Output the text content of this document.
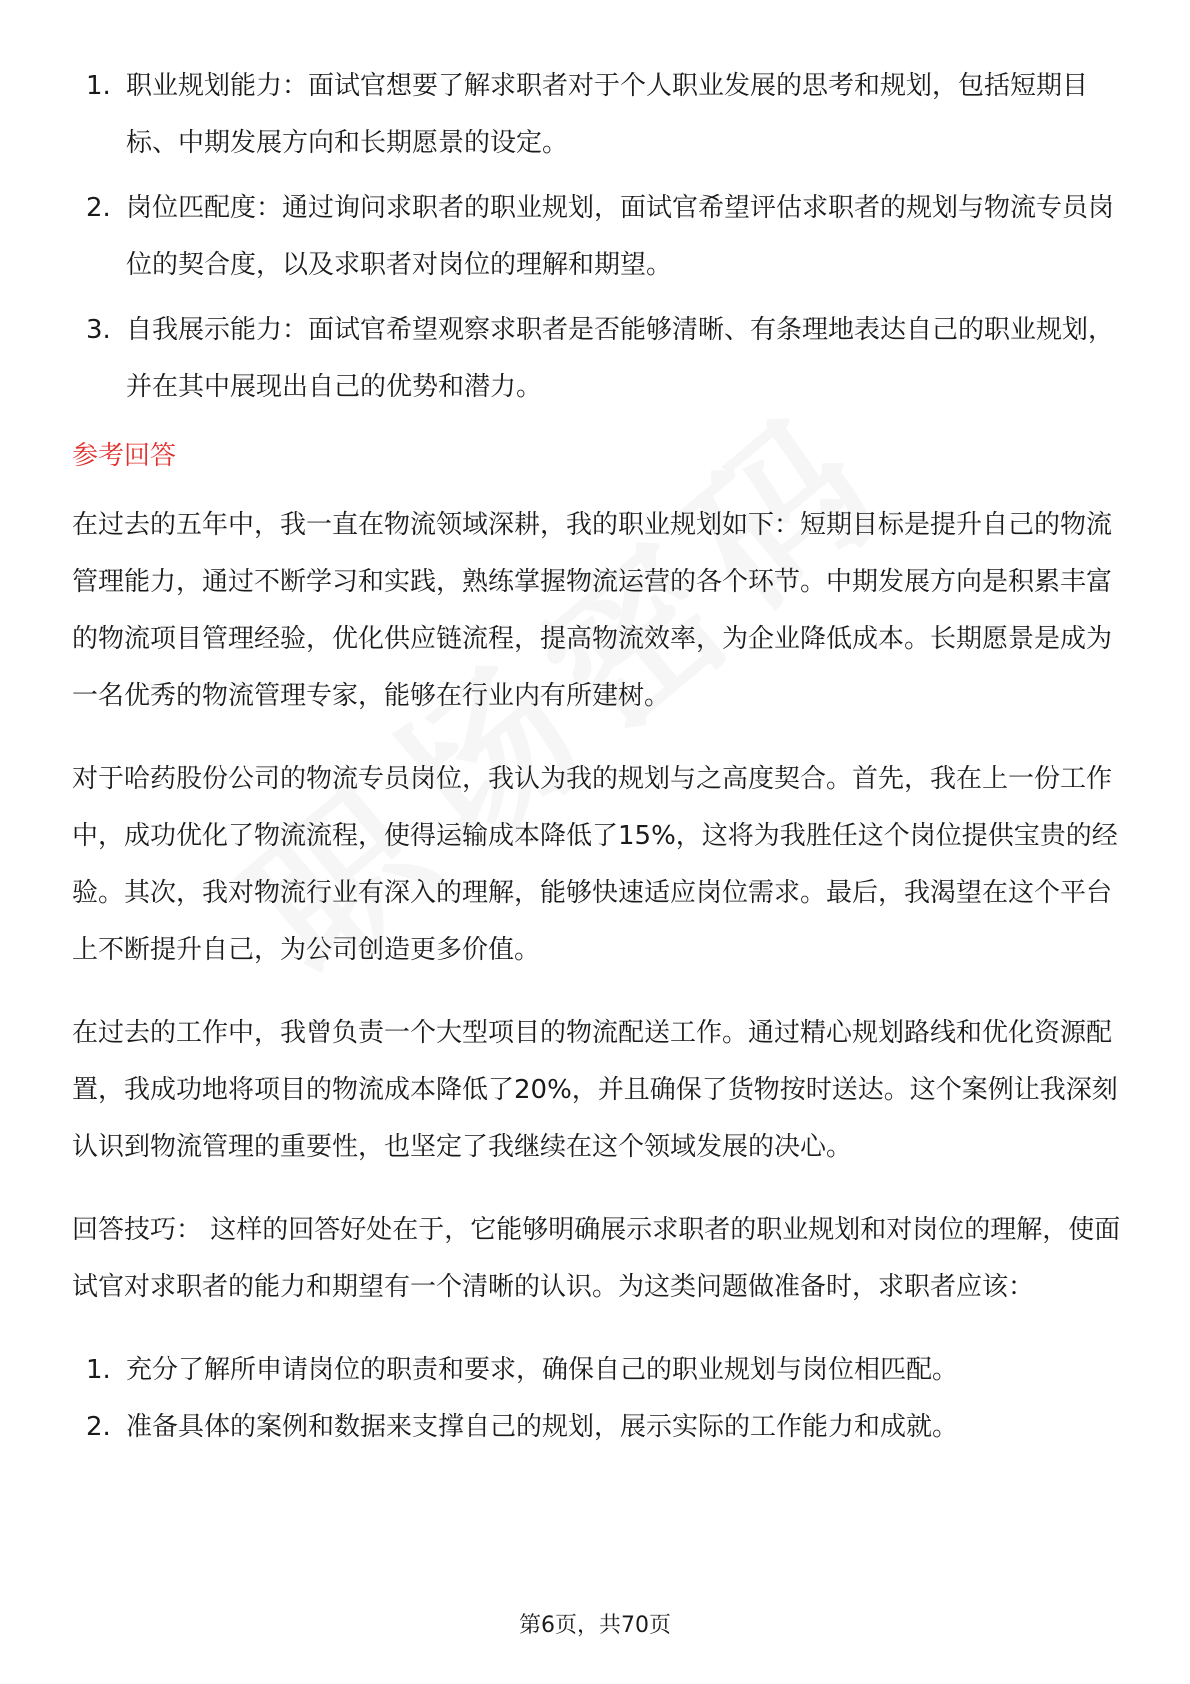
1. 职业规划能力：面试官想要了解求职者对于个人职业发展的思考和规划，包括短期目标、中期发展方向和长期愿景的设定。
2. 岗位匹配度：通过询问求职者的职业规划，面试官希望评估求职者的规划与物流专员岗位的契合度，以及求职者对岗位的理解和期望。
3. 自我展示能力：面试官希望观察求职者是否能够清晰、有条理地表达自己的职业规划，并在其中展现出自己的优势和潜力。
参考回答

在过去的五年中，我一直在物流领域深耕，我的职业规划如下：短期目标是提升自己的物流管理能力，通过不断学习和实践，熟练掌握物流运营的各个环节。中期发展方向是积累丰富的物流项目管理经验，优化供应链流程，提高物流效率，为企业降低成本。长期愿景是成为一名优秀的物流管理专家，能够在行业内有所建树。

对于哈药股份公司的物流专员岗位，我认为我的规划与之高度契合。首先，我在上一份工作中，成功优化了物流流程，使得运输成本降低了15%，这将为我胜任这个岗位提供宝贵的经验。其次，我对物流行业有深入的理解，能够快速适应岗位需求。最后，我渴望在这个平台上不断提升自己，为公司创造更多价值。

在过去的工作中，我曾负责一个大型项目的物流配送工作。通过精心规划路线和优化资源配置，我成功地将项目的物流成本降低了20%，并且确保了货物按时送达。这个案例让我深刻认识到物流管理的重要性，也坚定了我继续在这个领域发展的决心。

回答技巧： 这样的回答好处在于，它能够明确展示求职者的职业规划和对岗位的理解，使面试官对求职者的能力和期望有一个清晰的认识。为这类问题做准备时，求职者应该：

1. 充分了解所申请岗位的职责和要求，确保自己的职业规划与岗位相匹配。
2. 准备具体的案例和数据来支撑自己的规划，展示实际的工作能力和成就。
第6页，共70页
